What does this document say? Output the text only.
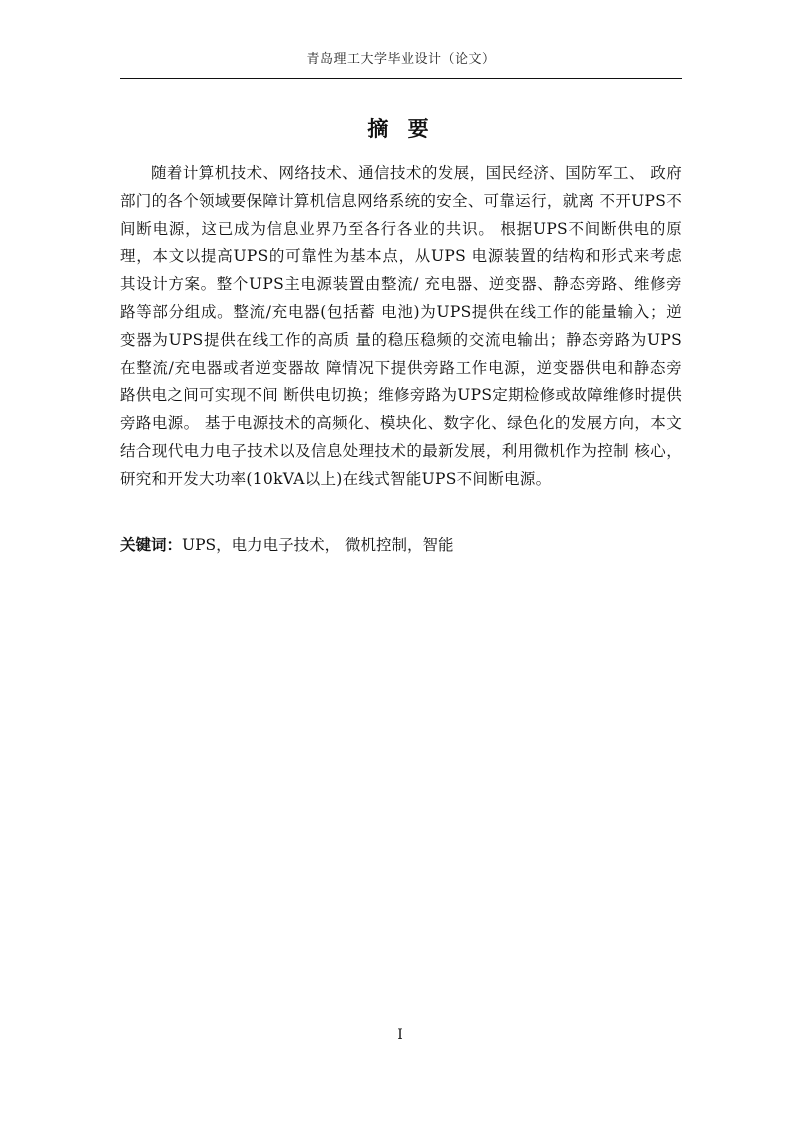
青岛理工大学毕业设计（论文）
摘 要

随着计算机技术、网络技术、通信技术的发展，国民经济、国防军工、 政府部门的各个领域要保障计算机信息网络系统的安全、可靠运行，就离 不开UPS不间断电源，这已成为信息业界乃至各行各业的共识。 根据UPS不间断供电的原理，本文以提高UPS的可靠性为基本点，从UPS 电源装置的结构和形式来考虑其设计方案。整个UPS主电源装置由整流/ 充电器、逆变器、静态旁路、维修旁路等部分组成。整流/充电器(包括蓄 电池)为UPS提供在线工作的能量输入；逆变器为UPS提供在线工作的高质 量的稳压稳频的交流电输出；静态旁路为UPS在整流/充电器或者逆变器故 障情况下提供旁路工作电源，逆变器供电和静态旁路供电之间可实现不间 断供电切换；维修旁路为UPS定期检修或故障维修时提供旁路电源。 基于电源技术的高频化、模块化、数字化、绿色化的发展方向，本文 结合现代电力电子技术以及信息处理技术的最新发展，利用微机作为控制 核心，研究和开发大功率(10kVA以上)在线式智能UPS不间断电源。

关键词：UPS，电力电子技术， 微机控制，智能
I
